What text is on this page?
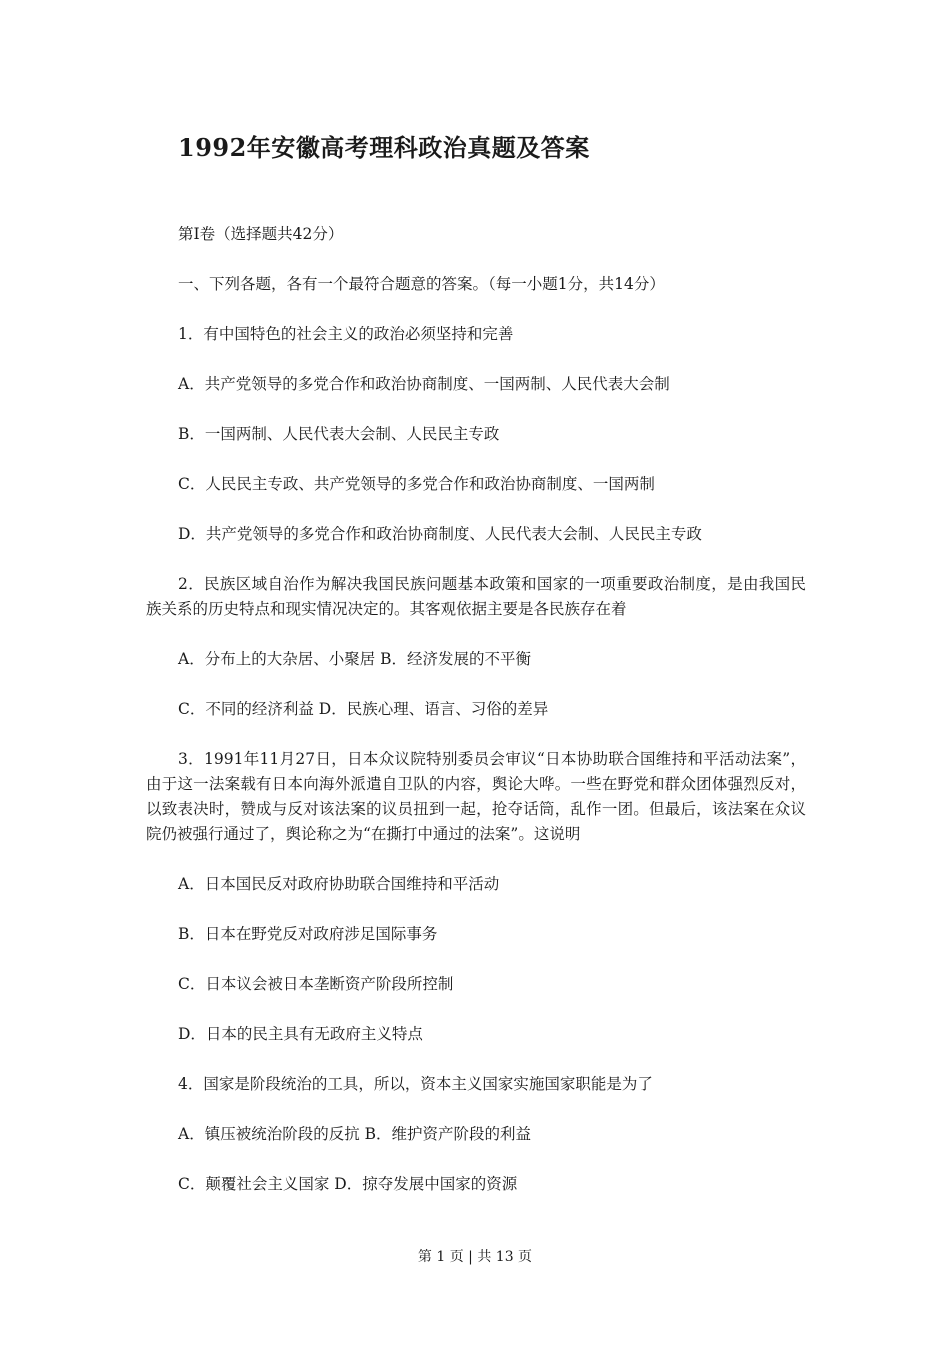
1992年安徽高考理科政治真题及答案

第Ⅰ卷（选择题共42分）

一、下列各题，各有一个最符合题意的答案。（每一小题1分，共14分）

1．有中国特色的社会主义的政治必须坚持和完善

A．共产党领导的多党合作和政治协商制度、一国两制、人民代表大会制

B．一国两制、人民代表大会制、人民民主专政

C．人民民主专政、共产党领导的多党合作和政治协商制度、一国两制

D．共产党领导的多党合作和政治协商制度、人民代表大会制、人民民主专政

2．民族区域自治作为解决我国民族问题基本政策和国家的一项重要政治制度，是由我国民族关系的历史特点和现实情况决定的。其客观依据主要是各民族存在着

A．分布上的大杂居、小聚居 B．经济发展的不平衡

C．不同的经济利益 D．民族心理、语言、习俗的差异

3．1991年11月27日，日本众议院特别委员会审议“日本协助联合国维持和平活动法案”，由于这一法案载有日本向海外派遣自卫队的内容，舆论大哗。一些在野党和群众团体强烈反对，以致表决时，赞成与反对该法案的议员扭到一起，抢夺话筒，乱作一团。但最后，该法案在众议院仍被强行通过了，舆论称之为“在撕打中通过的法案”。这说明

A．日本国民反对政府协助联合国维持和平活动

B．日本在野党反对政府涉足国际事务

C．日本议会被日本垄断资产阶段所控制

D．日本的民主具有无政府主义特点

4．国家是阶段统治的工具，所以，资本主义国家实施国家职能是为了

A．镇压被统治阶段的反抗 B．维护资产阶段的利益

C．颠覆社会主义国家 D．掠夺发展中国家的资源

第 1 页 | 共 13 页
